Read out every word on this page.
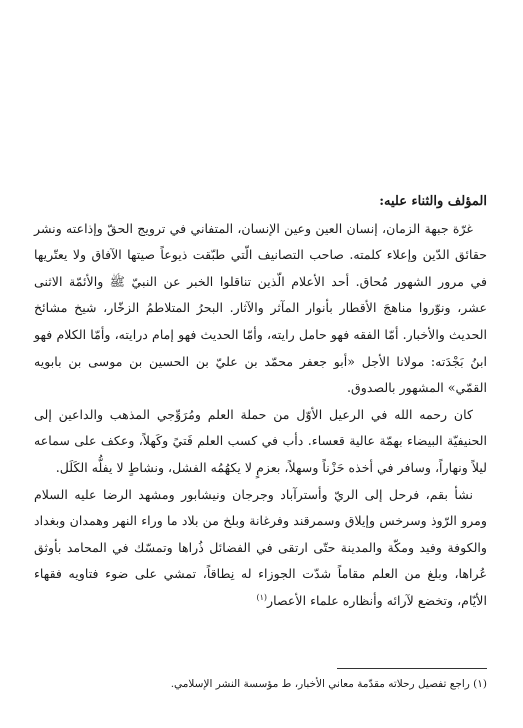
المؤلف والثناء عليه:

غرّة جبهة الزمان، إنسان العين وعين الإنسان، المتفاني في ترويج الحقّ وإذاعته ونشر حقائق الدّين وإعلاء كلمته. صاحب التصانيف الّتي طبّقت ذيوعاً صيتها الآفاق ولا يعتّريها في مرور الشهور مُحاق. أحد الأعلام الّذين تناقلوا الخبر عن النبيّ ﷺ والأئمّة الاثنى عشر، ونوّروا مناهجَ الأقطار بأنوار المآثر والآثار. البحرُ المتلاطمُ الزخّار، شيخ مشائخ الحديث والأخبار. أمّا الفقه فهو حامل رايته، وأمّا الحديث فهو إمام درايته، وأمّا الكلام فهو ابنُ بَجْدَته: مولانا الأجل «أبو جعفر محمّد بن عليّ بن الحسين بن موسى بن بابويه القمّي» المشهور بالصدوق.

كان رحمه الله في الرعيل الأوّل من حملة العلم ومُرَوِّجي المذهب والداعين إلى الحنيفيّة البيضاء بهمّة عالية قعساء. دأب في كسب العلم فَتيً وكَهلاً، وعكف على سماعه ليلاً ونهاراً، وسافر في أخذه حَزْناً وسهلاً، بعزمٍ لا يكهُمُه الفشل، ونشاطٍ لا يفلُّه الكَلَل.

نشأ بقم، فرحل إلى الريّ وأسترآباد وجرجان ونيشابور ومشهد الرضا عليه السلام ومرو الرّوذ وسرخس وإيلاق وسمرقند وفرغانة وبلخ من بلاد ما وراء النهر وهمدان وبغداد والكوفة وفيد ومكّة والمدينة حتّى ارتقى في الفضائل ذُراها وتمسّك في المحامد بأوثق عُراها، وبلغ من العلم مقاماً شدّت الجوزاء له نِطاقاً، تمشي على ضوء فتاويه فقهاء الأيّام، وتخضع لآرائه وأنظاره علماء الأعصار$^{(١)}$

(١) راجع تفصيل رحلاته مقدّمة معاني الأخبار، ط مؤسسة النشر الإسلامي.
